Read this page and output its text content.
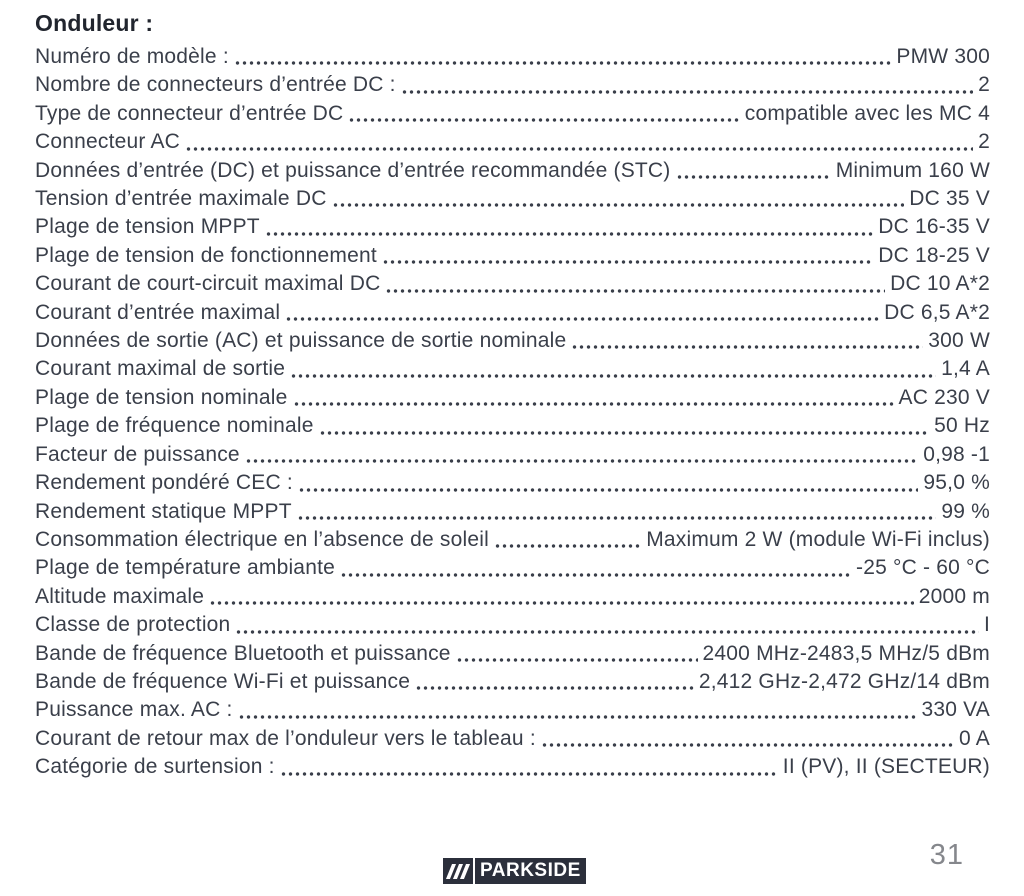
Onduleur :
Numéro de modèle :	PMW 300
Nombre de connecteurs d’entrée DC :	2
Type de connecteur d’entrée DC	compatible avec les MC 4
Connecteur AC	2
Données d’entrée (DC) et puissance d’entrée recommandée (STC)	Minimum 160 W
Tension d’entrée maximale DC	DC 35 V
Plage de tension MPPT	DC 16-35 V
Plage de tension de fonctionnement	DC 18-25 V
Courant de court-circuit maximal DC	DC 10 A*2
Courant d’entrée maximal	DC 6,5 A*2
Données de sortie (AC) et puissance de sortie nominale	300 W
Courant maximal de sortie	1,4 A
Plage de tension nominale	AC 230 V
Plage de fréquence nominale	50 Hz
Facteur de puissance	0,98 -1
Rendement pondéré CEC :	95,0 %
Rendement statique MPPT	99 %
Consommation électrique en l’absence de soleil	Maximum 2 W (module Wi-Fi inclus)
Plage de température ambiante	-25 °C - 60 °C
Altitude maximale	2000 m
Classe de protection	I
Bande de fréquence Bluetooth et puissance	2400 MHz-2483,5 MHz/5 dBm
Bande de fréquence Wi-Fi et puissance	2,412 GHz-2,472 GHz/14 dBm
Puissance max. AC :	330 VA
Courant de retour max de l’onduleur vers le tableau :	0 A
Catégorie de surtension :	II (PV), II (SECTEUR)
PARKSIDE	31
